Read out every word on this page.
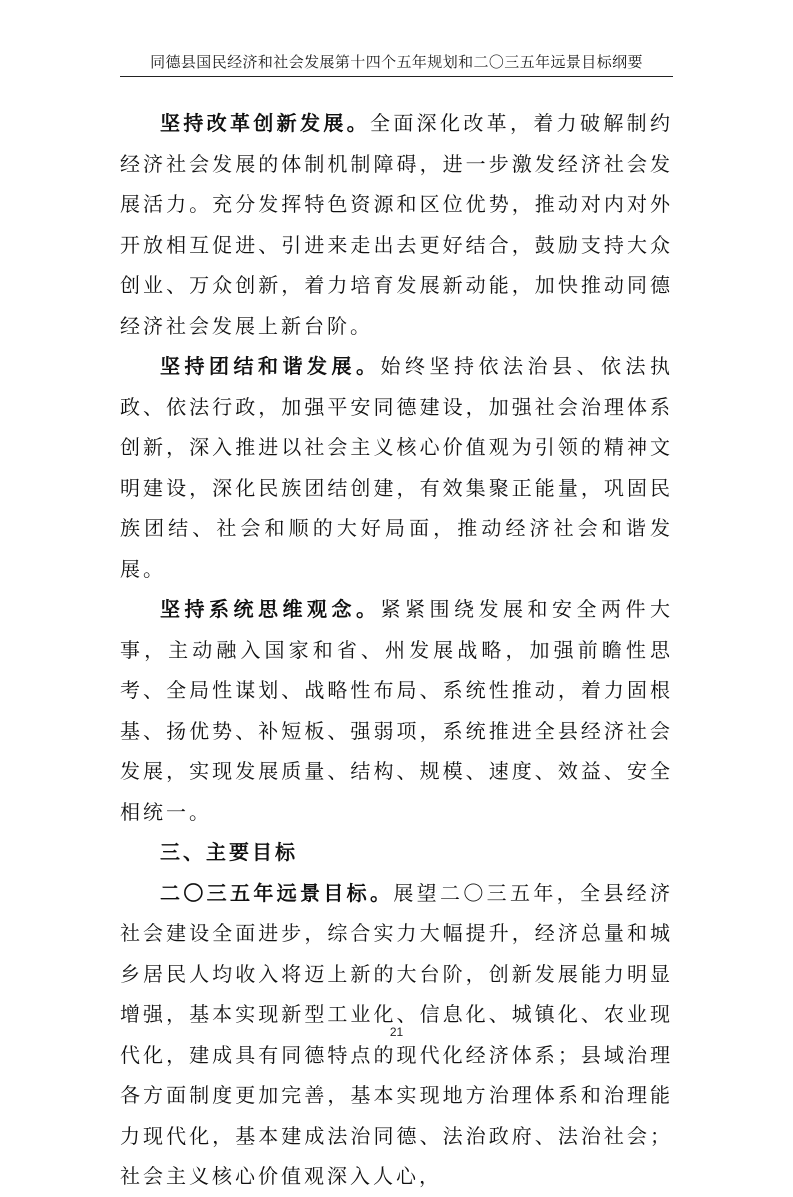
同德县国民经济和社会发展第十四个五年规划和二〇三五年远景目标纲要

坚持改革创新发展。全面深化改革，着力破解制约经济社会发展的体制机制障碍，进一步激发经济社会发展活力。充分发挥特色资源和区位优势，推动对内对外开放相互促进、引进来走出去更好结合，鼓励支持大众创业、万众创新，着力培育发展新动能，加快推动同德经济社会发展上新台阶。

坚持团结和谐发展。始终坚持依法治县、依法执政、依法行政，加强平安同德建设，加强社会治理体系创新，深入推进以社会主义核心价值观为引领的精神文明建设，深化民族团结创建，有效集聚正能量，巩固民族团结、社会和顺的大好局面，推动经济社会和谐发展。

坚持系统思维观念。紧紧围绕发展和安全两件大事，主动融入国家和省、州发展战略，加强前瞻性思考、全局性谋划、战略性布局、系统性推动，着力固根基、扬优势、补短板、强弱项，系统推进全县经济社会发展，实现发展质量、结构、规模、速度、效益、安全相统一。

三、主要目标

二〇三五年远景目标。展望二〇三五年，全县经济社会建设全面进步，综合实力大幅提升，经济总量和城乡居民人均收入将迈上新的大台阶，创新发展能力明显增强，基本实现新型工业化、信息化、城镇化、农业现代化，建成具有同德特点的现代化经济体系；县域治理各方面制度更加完善，基本实现地方治理体系和治理能力现代化，基本建成法治同德、法治政府、法治社会；社会主义核心价值观深入人心，

21
